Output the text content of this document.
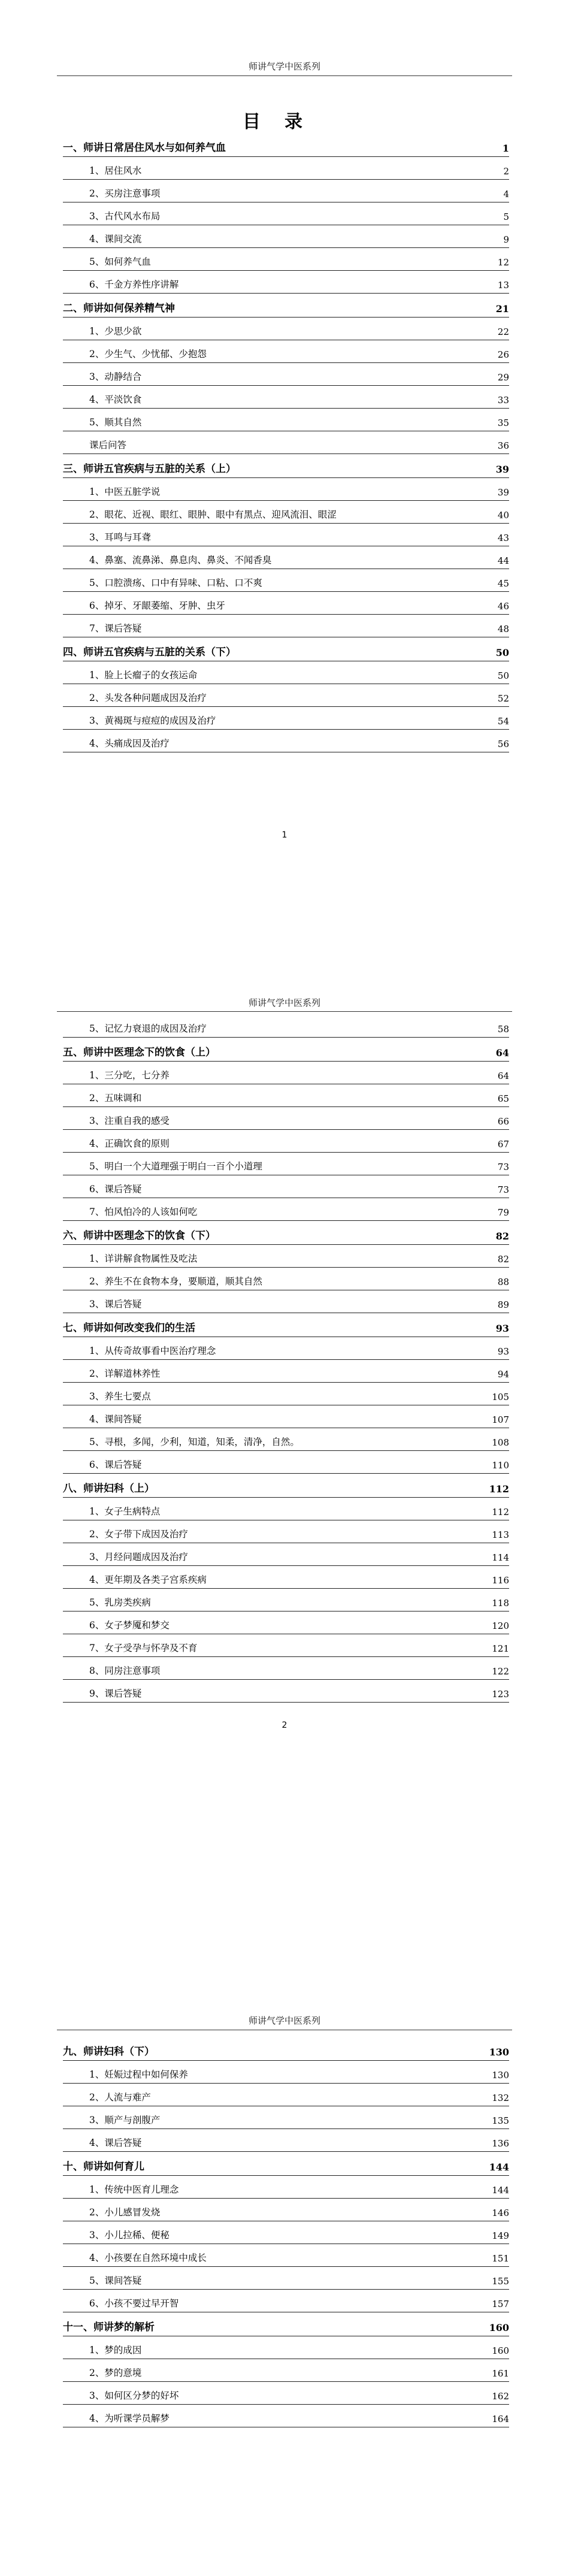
师讲气学中医系列
目录
一、师讲日常居住风水与如何养气血	1
1、居住风水	2
2、买房注意事项	4
3、古代风水布局	5
4、课间交流	9
5、如何养气血	12
6、千金方养性序讲解	13
二、师讲如何保养精气神	21
1、少思少欲	22
2、少生气、少忧郁、少抱怨	26
3、动静结合	29
4、平淡饮食	33
5、顺其自然	35
课后问答	36
三、师讲五官疾病与五脏的关系（上）	39
1、中医五脏学说	39
2、眼花、近视、眼红、眼肿、眼中有黑点、迎风流泪、眼涩	40
3、耳鸣与耳聋	43
4、鼻塞、流鼻涕、鼻息肉、鼻炎、不闻香臭	44
5、口腔溃疡、口中有异味、口粘、口不爽	45
6、掉牙、牙龈萎缩、牙肿、虫牙	46
7、课后答疑	48
四、师讲五官疾病与五脏的关系（下）	50
1、脸上长瘤子的女孩运命	50
2、头发各种问题成因及治疗	52
3、黄褐斑与痘痘的成因及治疗	54
4、头痛成因及治疗	56
1
师讲气学中医系列
5、记忆力衰退的成因及治疗	58
五、师讲中医理念下的饮食（上）	64
1、三分吃，七分养	64
2、五味调和	65
3、注重自我的感受	66
4、正确饮食的原则	67
5、明白一个大道理强于明白一百个小道理	73
6、课后答疑	73
7、怕风怕冷的人该如何吃	79
六、师讲中医理念下的饮食（下）	82
1、详讲解食物属性及吃法	82
2、养生不在食物本身，要顺道，顺其自然	88
3、课后答疑	89
七、师讲如何改变我们的生活	93
1、从传奇故事看中医治疗理念	93
2、详解道林养性	94
3、养生七要点	105
4、课间答疑	107
5、寻根，多闻，少利，知道，知柔，清净，自然。	108
6、课后答疑	110
八、师讲妇科（上）	112
1、女子生病特点	112
2、女子带下成因及治疗	113
3、月经问题成因及治疗	114
4、更年期及各类子宫系疾病	116
5、乳房类疾病	118
6、女子梦魇和梦交	120
7、女子受孕与怀孕及不育	121
8、同房注意事项	122
9、课后答疑	123
2
师讲气学中医系列
九、师讲妇科（下）	130
1、妊娠过程中如何保养	130
2、人流与难产	132
3、顺产与剖腹产	135
4、课后答疑	136
十、师讲如何育儿	144
1、传统中医育儿理念	144
2、小儿感冒发烧	146
3、小儿拉稀、便秘	149
4、小孩要在自然环境中成长	151
5、课间答疑	155
6、小孩不要过早开智	157
十一、师讲梦的解析	160
1、梦的成因	160
2、梦的意境	161
3、如何区分梦的好坏	162
4、为听课学员解梦	164
